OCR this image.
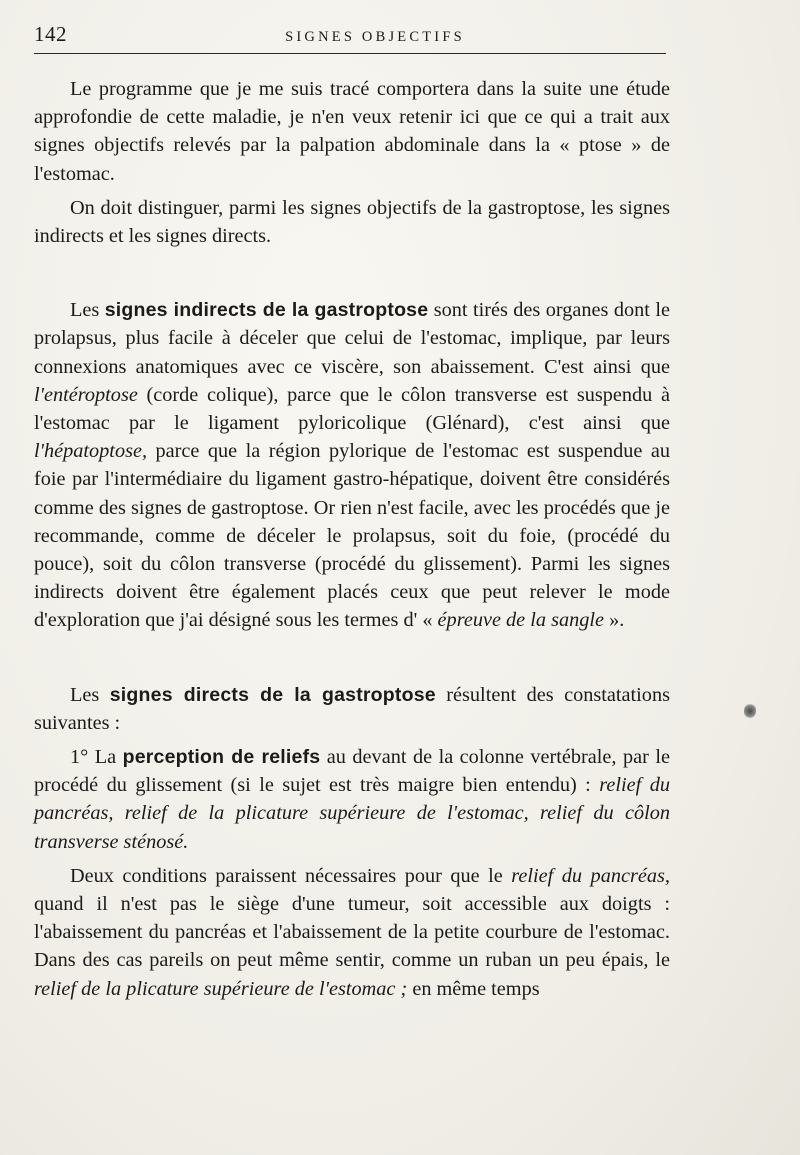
142	SIGNES OBJECTIFS

Le programme que je me suis tracé comportera dans la suite une étude approfondie de cette maladie, je n'en veux retenir ici que ce qui a trait aux signes objectifs relevés par la palpation abdominale dans la « ptose » de l'estomac.

On doit distinguer, parmi les signes objectifs de la gastroptose, les signes indirects et les signes directs.

Les signes indirects de la gastroptose sont tirés des organes dont le prolapsus, plus facile à déceler que celui de l'estomac, implique, par leurs connexions anatomiques avec ce viscère, son abaissement. C'est ainsi que l'entéroptose (corde colique), parce que le côlon transverse est suspendu à l'estomac par le ligament pyloricolique (Glénard), c'est ainsi que l'hépatoptose, parce que la région pylorique de l'estomac est suspendue au foie par l'intermédiaire du ligament gastro-hépatique, doivent être considérés comme des signes de gastroptose. Or rien n'est facile, avec les procédés que je recommande, comme de déceler le prolapsus, soit du foie, (procédé du pouce), soit du côlon transverse (procédé du glissement). Parmi les signes indirects doivent être également placés ceux que peut relever le mode d'exploration que j'ai désigné sous les termes d' « épreuve de la sangle ».

Les signes directs de la gastroptose résultent des constatations suivantes :

1° La perception de reliefs au devant de la colonne vertébrale, par le procédé du glissement (si le sujet est très maigre bien entendu) : relief du pancréas, relief de la plicature supérieure de l'estomac, relief du côlon transverse sténosé.

Deux conditions paraissent nécessaires pour que le relief du pancréas, quand il n'est pas le siège d'une tumeur, soit accessible aux doigts : l'abaissement du pancréas et l'abaissement de la petite courbure de l'estomac. Dans des cas pareils on peut même sentir, comme un ruban un peu épais, le relief de la plicature supérieure de l'estomac ; en même temps
